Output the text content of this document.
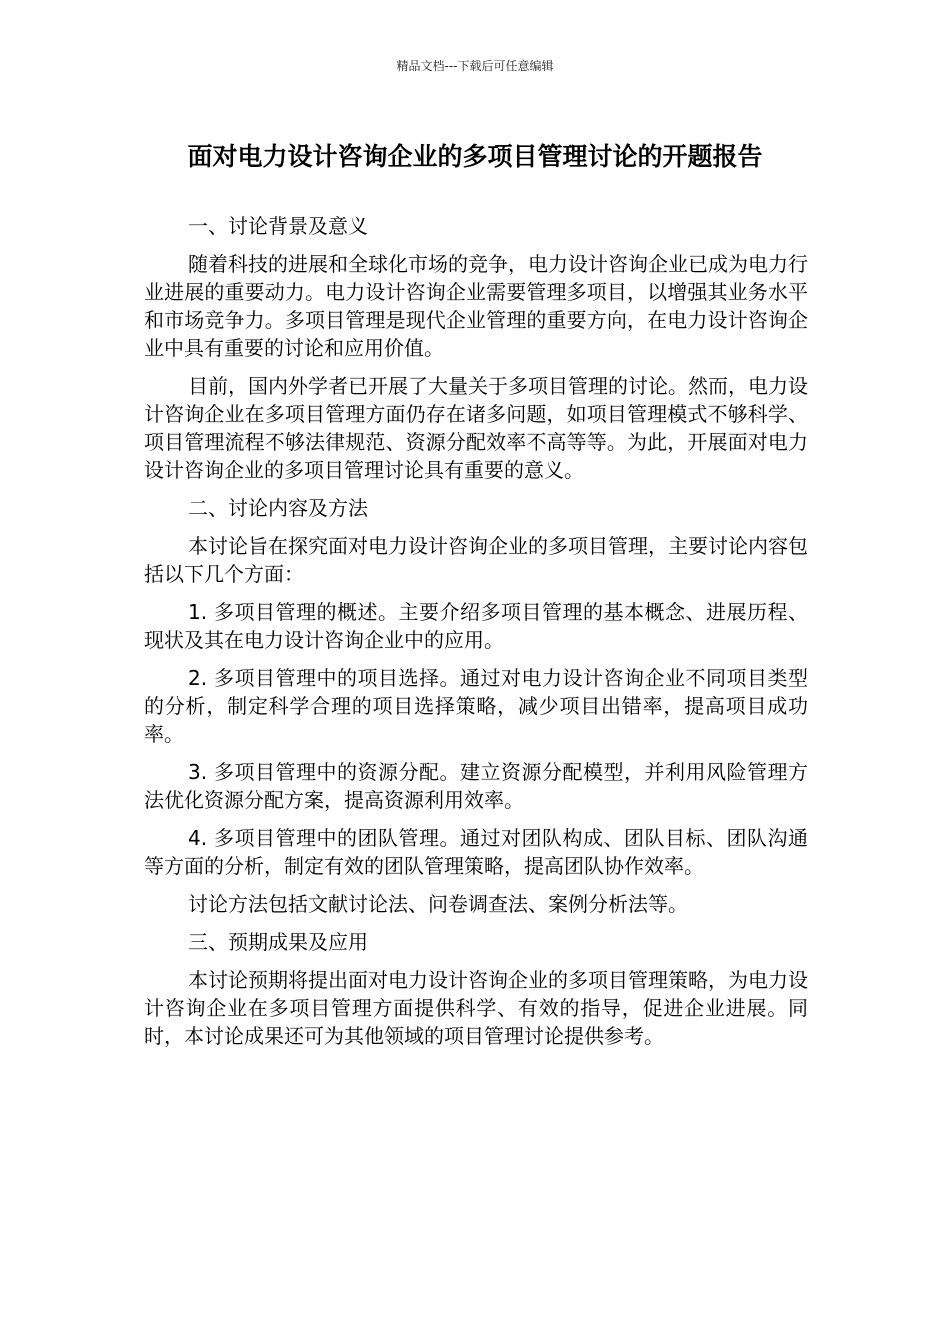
精品文档---下载后可任意编辑
面对电力设计咨询企业的多项目管理讨论的开题报告

一、讨论背景及意义

随着科技的进展和全球化市场的竞争，电力设计咨询企业已成为电力行业进展的重要动力。电力设计咨询企业需要管理多项目，以增强其业务水平和市场竞争力。多项目管理是现代企业管理的重要方向，在电力设计咨询企业中具有重要的讨论和应用价值。

目前，国内外学者已开展了大量关于多项目管理的讨论。然而，电力设计咨询企业在多项目管理方面仍存在诸多问题，如项目管理模式不够科学、项目管理流程不够法律规范、资源分配效率不高等等。为此，开展面对电力设计咨询企业的多项目管理讨论具有重要的意义。

二、讨论内容及方法

本讨论旨在探究面对电力设计咨询企业的多项目管理，主要讨论内容包括以下几个方面：

1. 多项目管理的概述。主要介绍多项目管理的基本概念、进展历程、现状及其在电力设计咨询企业中的应用。

2. 多项目管理中的项目选择。通过对电力设计咨询企业不同项目类型的分析，制定科学合理的项目选择策略，减少项目出错率，提高项目成功率。

3. 多项目管理中的资源分配。建立资源分配模型，并利用风险管理方法优化资源分配方案，提高资源利用效率。

4. 多项目管理中的团队管理。通过对团队构成、团队目标、团队沟通等方面的分析，制定有效的团队管理策略，提高团队协作效率。

讨论方法包括文献讨论法、问卷调查法、案例分析法等。

三、预期成果及应用

本讨论预期将提出面对电力设计咨询企业的多项目管理策略，为电力设计咨询企业在多项目管理方面提供科学、有效的指导，促进企业进展。同时，本讨论成果还可为其他领域的项目管理讨论提供参考。
